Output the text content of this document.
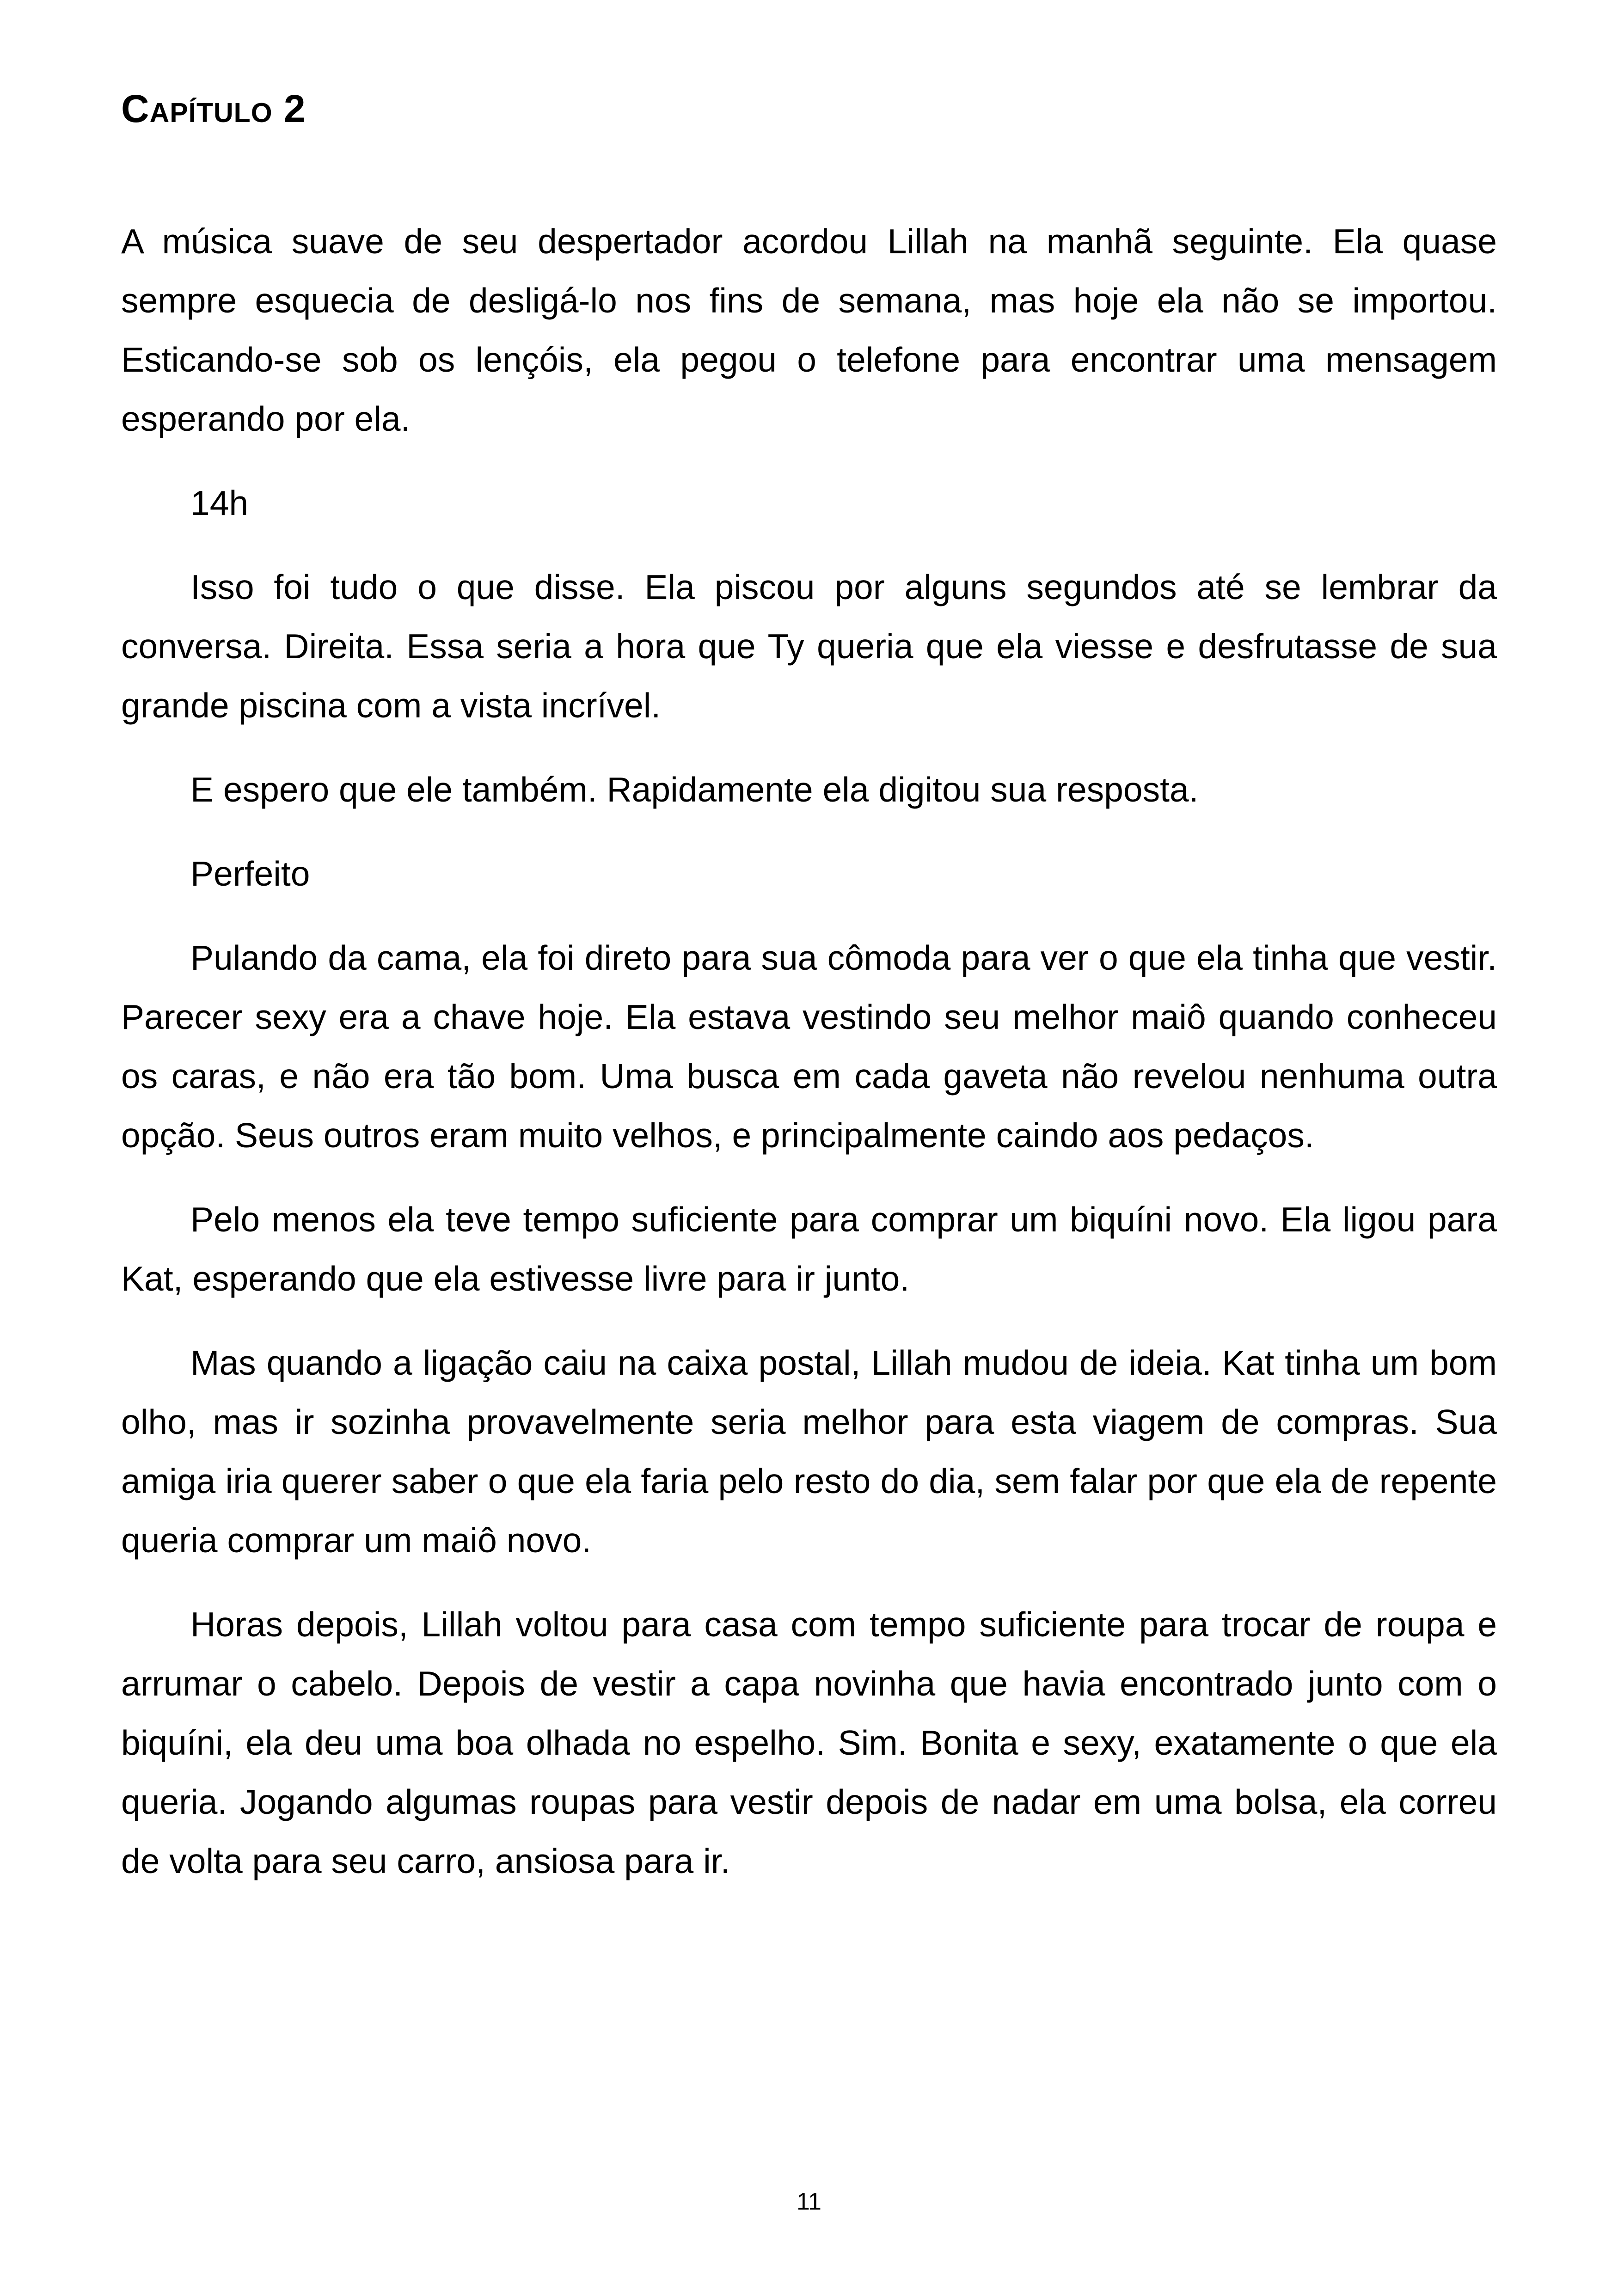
Capítulo 2

A música suave de seu despertador acordou Lillah na manhã seguinte. Ela quase sempre esquecia de desligá-lo nos fins de semana, mas hoje ela não se importou. Esticando-se sob os lençóis, ela pegou o telefone para encontrar uma mensagem esperando por ela.

14h

Isso foi tudo o que disse. Ela piscou por alguns segundos até se lembrar da conversa. Direita. Essa seria a hora que Ty queria que ela viesse e desfrutasse de sua grande piscina com a vista incrível.

E espero que ele também. Rapidamente ela digitou sua resposta.

Perfeito

Pulando da cama, ela foi direto para sua cômoda para ver o que ela tinha que vestir. Parecer sexy era a chave hoje. Ela estava vestindo seu melhor maiô quando conheceu os caras, e não era tão bom. Uma busca em cada gaveta não revelou nenhuma outra opção. Seus outros eram muito velhos, e principalmente caindo aos pedaços.

Pelo menos ela teve tempo suficiente para comprar um biquíni novo. Ela ligou para Kat, esperando que ela estivesse livre para ir junto.

Mas quando a ligação caiu na caixa postal, Lillah mudou de ideia. Kat tinha um bom olho, mas ir sozinha provavelmente seria melhor para esta viagem de compras. Sua amiga iria querer saber o que ela faria pelo resto do dia, sem falar por que ela de repente queria comprar um maiô novo.

Horas depois, Lillah voltou para casa com tempo suficiente para trocar de roupa e arrumar o cabelo. Depois de vestir a capa novinha que havia encontrado junto com o biquíni, ela deu uma boa olhada no espelho. Sim. Bonita e sexy, exatamente o que ela queria. Jogando algumas roupas para vestir depois de nadar em uma bolsa, ela correu de volta para seu carro, ansiosa para ir.

11
